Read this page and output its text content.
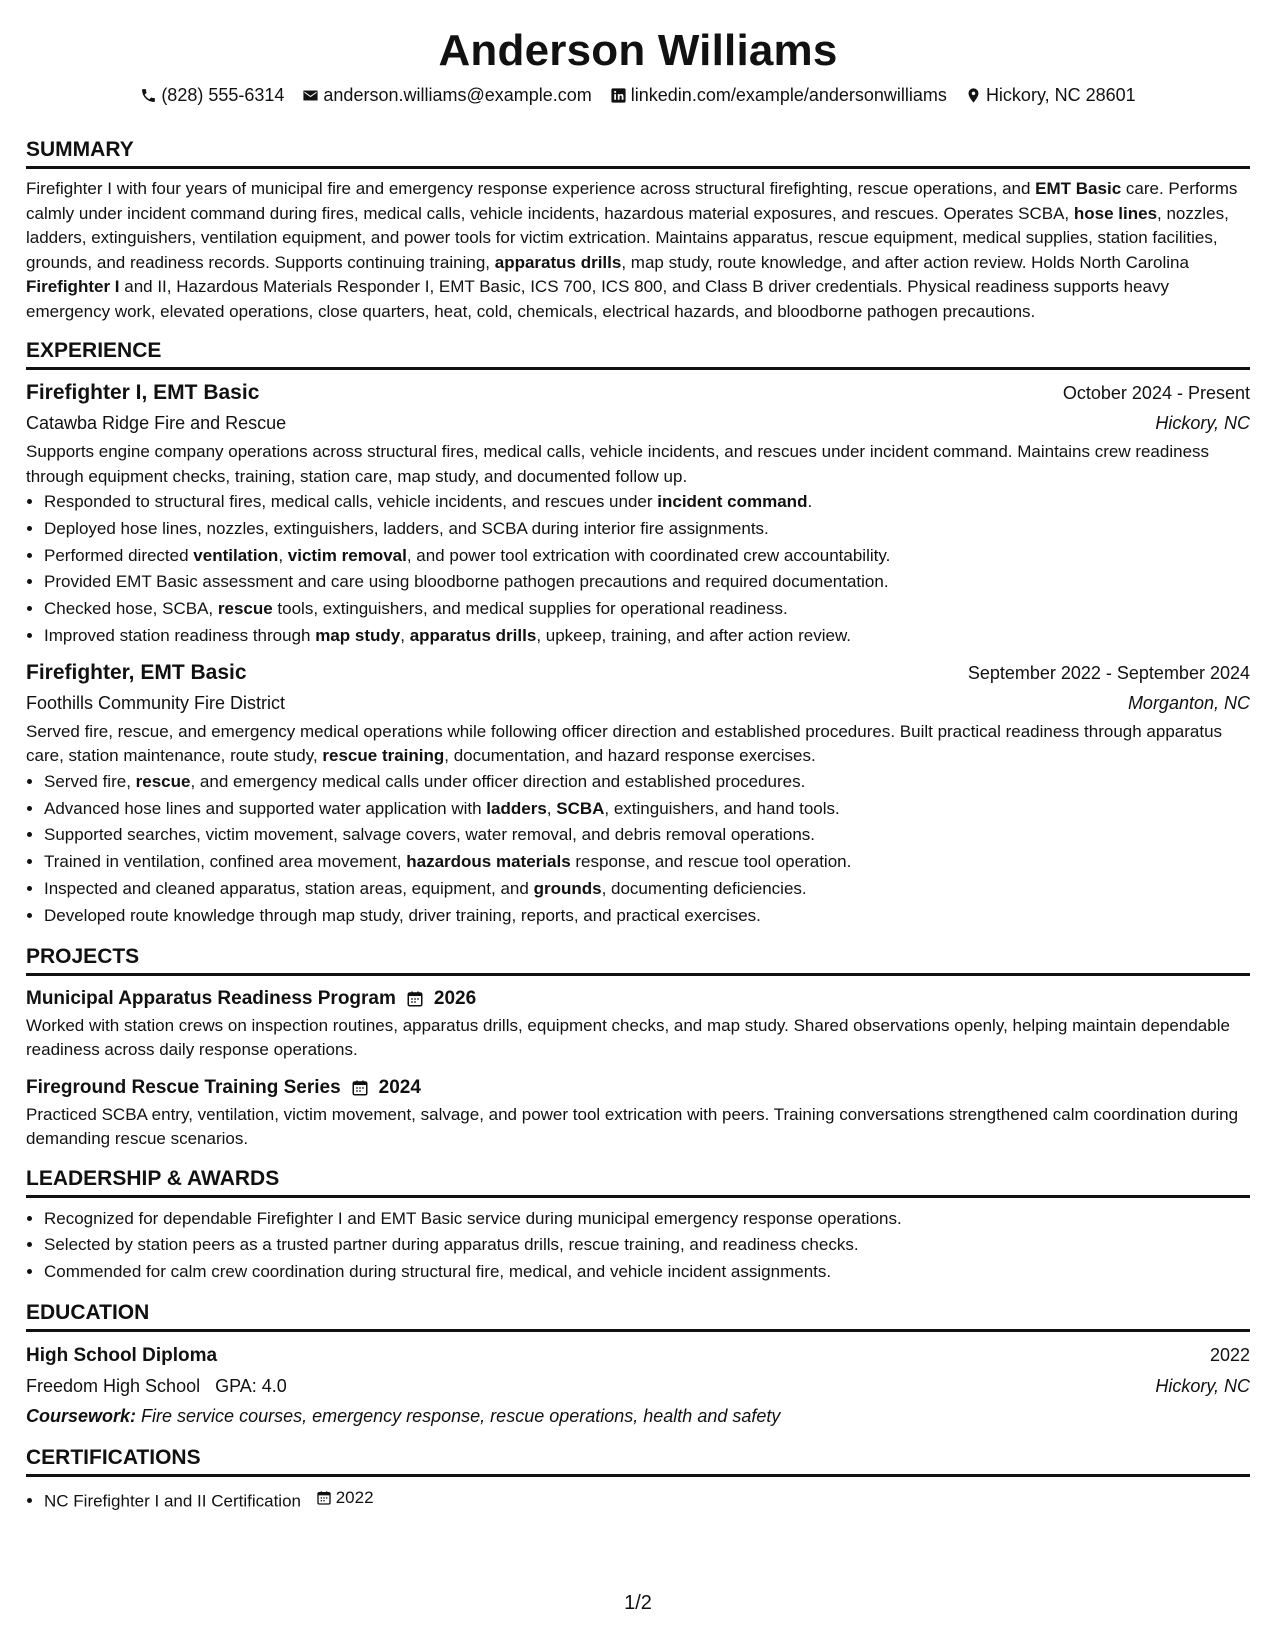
Anderson Williams
(828) 555-6314 anderson.williams@example.com linkedin.com/example/andersonwilliams Hickory, NC 28601
SUMMARY

Firefighter I with four years of municipal fire and emergency response experience across structural firefighting, rescue operations, and EMT Basic care. Performs calmly under incident command during fires, medical calls, vehicle incidents, hazardous material exposures, and rescues. Operates SCBA, hose lines, nozzles, ladders, extinguishers, ventilation equipment, and power tools for victim extrication. Maintains apparatus, rescue equipment, medical supplies, station facilities, grounds, and readiness records. Supports continuing training, apparatus drills, map study, route knowledge, and after action review. Holds North Carolina Firefighter I and II, Hazardous Materials Responder I, EMT Basic, ICS 700, ICS 800, and Class B driver credentials. Physical readiness supports heavy emergency work, elevated operations, close quarters, heat, cold, chemicals, electrical hazards, and bloodborne pathogen precautions.

EXPERIENCE
Firefighter I, EMT Basic	October 2024 - Present
Catawba Ridge Fire and Rescue	Hickory, NC

Supports engine company operations across structural fires, medical calls, vehicle incidents, and rescues under incident command. Maintains crew readiness through equipment checks, training, station care, map study, and documented follow up.

• Responded to structural fires, medical calls, vehicle incidents, and rescues under incident command.
• Deployed hose lines, nozzles, extinguishers, ladders, and SCBA during interior fire assignments.
• Performed directed ventilation, victim removal, and power tool extrication with coordinated crew accountability.
• Provided EMT Basic assessment and care using bloodborne pathogen precautions and required documentation.
• Checked hose, SCBA, rescue tools, extinguishers, and medical supplies for operational readiness.
• Improved station readiness through map study, apparatus drills, upkeep, training, and after action review.
Firefighter, EMT Basic	September 2022 - September 2024
Foothills Community Fire District	Morganton, NC

Served fire, rescue, and emergency medical operations while following officer direction and established procedures. Built practical readiness through apparatus care, station maintenance, route study, rescue training, documentation, and hazard response exercises.

• Served fire, rescue, and emergency medical calls under officer direction and established procedures.
• Advanced hose lines and supported water application with ladders, SCBA, extinguishers, and hand tools.
• Supported searches, victim movement, salvage covers, water removal, and debris removal operations.
• Trained in ventilation, confined area movement, hazardous materials response, and rescue tool operation.
• Inspected and cleaned apparatus, station areas, equipment, and grounds, documenting deficiencies.
• Developed route knowledge through map study, driver training, reports, and practical exercises.
PROJECTS
Municipal Apparatus Readiness Program 2026

Worked with station crews on inspection routines, apparatus drills, equipment checks, and map study. Shared observations openly, helping maintain dependable readiness across daily response operations.

Fireground Rescue Training Series 2024

Practiced SCBA entry, ventilation, victim movement, salvage, and power tool extrication with peers. Training conversations strengthened calm coordination during demanding rescue scenarios.

LEADERSHIP & AWARDS
• Recognized for dependable Firefighter I and EMT Basic service during municipal emergency response operations.
• Selected by station peers as a trusted partner during apparatus drills, rescue training, and readiness checks.
• Commended for calm crew coordination during structural fire, medical, and vehicle incident assignments.
EDUCATION
High School Diploma	2022
Freedom High School GPA: 4.0	Hickory, NC
Coursework: Fire service courses, emergency response, rescue operations, health and safety
CERTIFICATIONS
• NC Firefighter I and II Certification 2022
1/2
